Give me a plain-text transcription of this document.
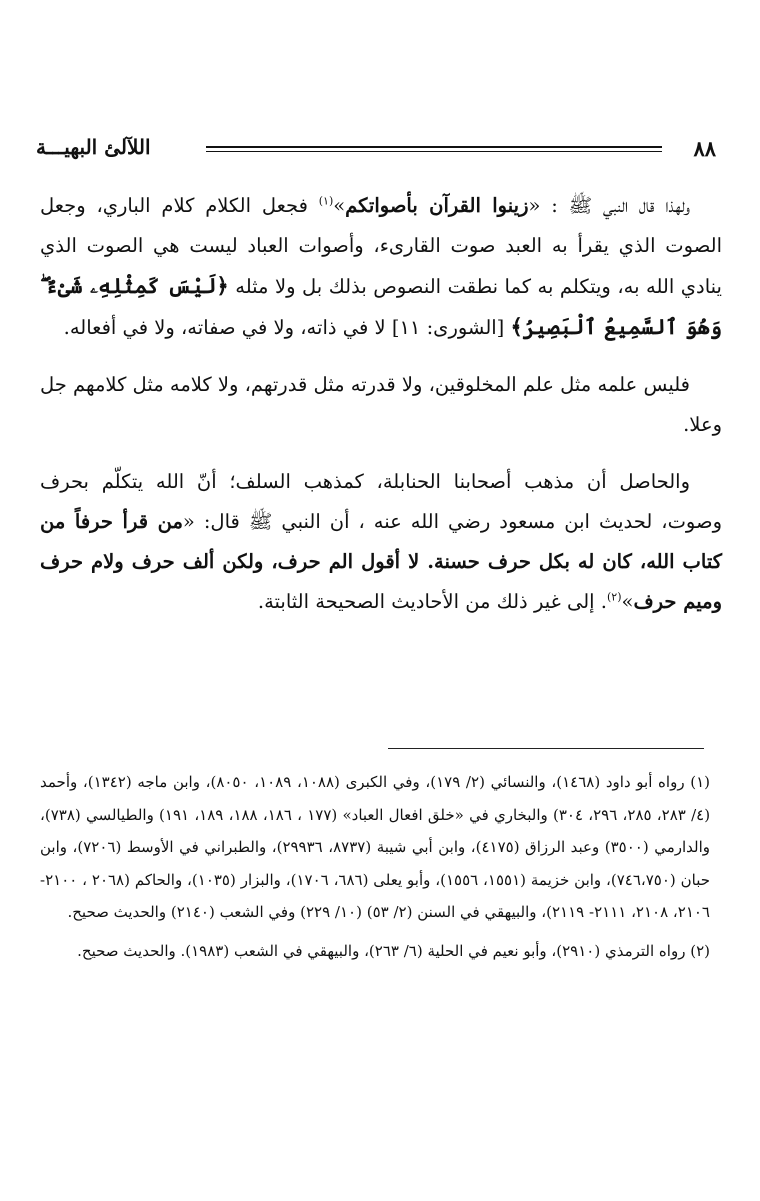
٨٨
اللآلئ البهيـــة

ولهذا قال النبي ﷺ : «زينوا القرآن بأصواتكم»$^{(١)}$ فجعل الكلام كلام الباري، وجعل الصوت الذي يقرأ به العبد صوت القارىء، وأصوات العباد ليست هي الصوت الذي ينادي الله به، ويتكلم به كما نطقت النصوص بذلك بل ولا مثله ﴿لَيْسَ كَمِثْلِهِۦ شَىْءٌ ۖ وَهُوَ ٱلسَّمِيعُ ٱلْبَصِيرُ﴾ [الشورى: ١١] لا في ذاته، ولا في صفاته، ولا في أفعاله.

فليس علمه مثل علم المخلوقين، ولا قدرته مثل قدرتهم، ولا كلامه مثل كلامهم جل وعلا.

والحاصل أن مذهب أصحابنا الحنابلة، كمذهب السلف؛ أنّ الله يتكلّم بحرف وصوت، لحديث ابن مسعود رضي الله عنه ، أن النبي ﷺ قال: «من قرأ حرفاً من كتاب الله، كان له بكل حرف حسنة. لا أقول الم حرف، ولكن ألف حرف ولام حرف وميم حرف»$^{(٢)}$. إلى غير ذلك من الأحاديث الصحيحة الثابتة.

(١) رواه أبو داود (١٤٦٨)، والنسائي (٢/ ١٧٩)، وفي الكبرى (١٠٨٨، ١٠٨٩، ٨٠٥٠)، وابن ماجه (١٣٤٢)، وأحمد (٤/ ٢٨٣، ٢٨٥، ٢٩٦، ٣٠٤) والبخاري في «خلق افعال العباد» (١٧٧ ، ١٨٦، ١٨٨، ١٨٩، ١٩١) والطيالسي (٧٣٨)، والدارمي (٣٥٠٠) وعبد الرزاق (٤١٧٥)، وابن أبي شيبة (٨٧٣٧، ٢٩٩٣٦)، والطبراني في الأوسط (٧٢٠٦)، وابن حبان (٧٤٦،٧٥٠)، وابن خزيمة (١٥٥١، ١٥٥٦)، وأبو يعلى (٦٨٦، ١٧٠٦)، والبزار (١٠٣٥)، والحاكم (٢٠٦٨ ، ٢١٠٠- ٢١٠٦، ٢١٠٨، ٢١١١- ٢١١٩)، والبيهقي في السنن (٢/ ٥٣) (١٠/ ٢٢٩) وفي الشعب (٢١٤٠) والحديث صحيح.

(٢) رواه الترمذي (٢٩١٠)، وأبو نعيم في الحلية (٦/ ٢٦٣)، والبيهقي في الشعب (١٩٨٣). والحديث صحيح.
